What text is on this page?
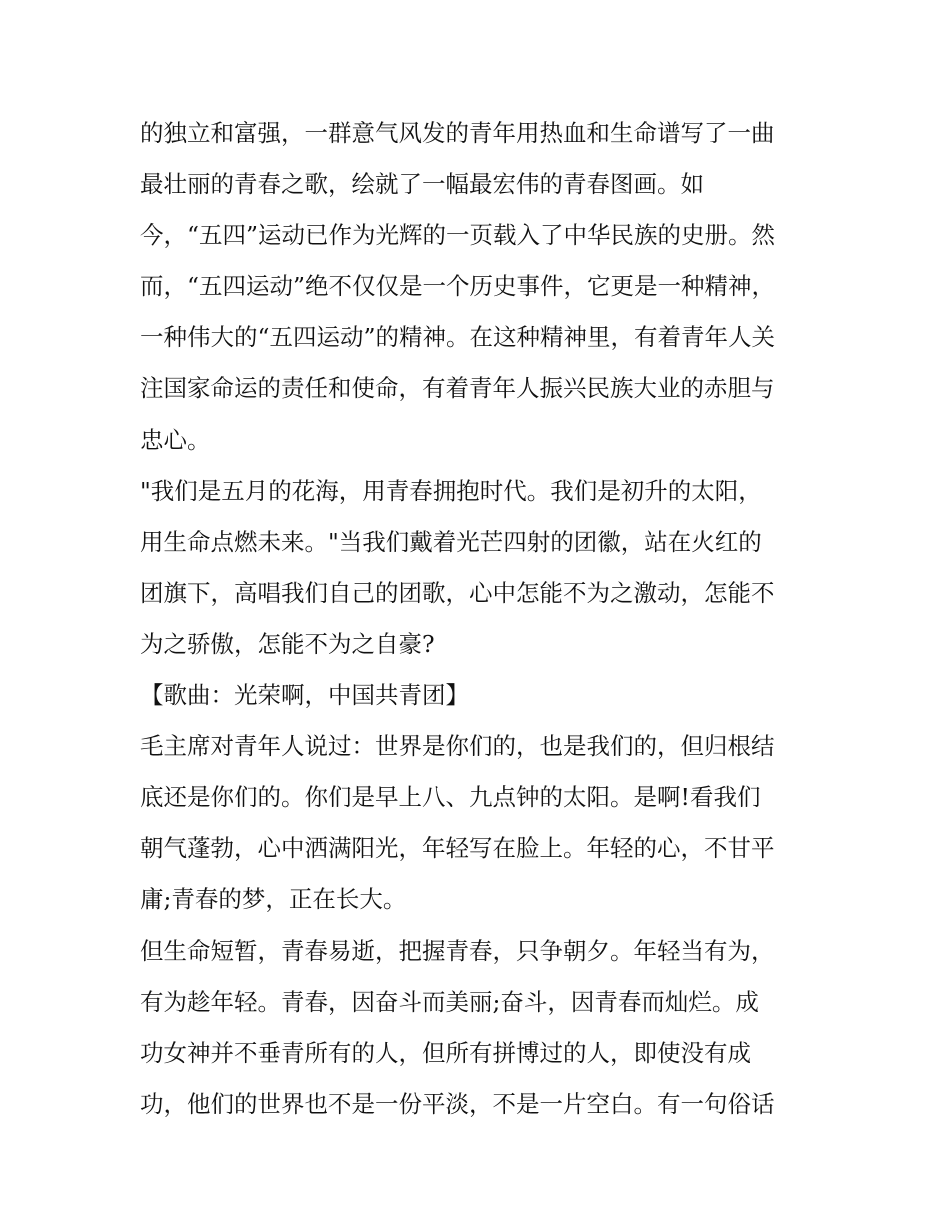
的独立和富强，一群意气风发的青年用热血和生命谱写了一曲
最壮丽的青春之歌，绘就了一幅最宏伟的青春图画。如
今，“五四”运动已作为光辉的一页载入了中华民族的史册。然
而，“五四运动”绝不仅仅是一个历史事件，它更是一种精神，
一种伟大的“五四运动”的精神。在这种精神里，有着青年人关
注国家命运的责任和使命，有着青年人振兴民族大业的赤胆与
忠心。
"我们是五月的花海，用青春拥抱时代。我们是初升的太阳，
用生命点燃未来。"当我们戴着光芒四射的团徽，站在火红的
团旗下，高唱我们自己的团歌，心中怎能不为之激动，怎能不
为之骄傲，怎能不为之自豪?
【歌曲：光荣啊，中国共青团】
毛主席对青年人说过：世界是你们的，也是我们的，但归根结
底还是你们的。你们是早上八、九点钟的太阳。是啊!看我们
朝气蓬勃，心中洒满阳光，年轻写在脸上。年轻的心，不甘平
庸;青春的梦，正在长大。
但生命短暂，青春易逝，把握青春，只争朝夕。年轻当有为，
有为趁年轻。青春，因奋斗而美丽;奋斗，因青春而灿烂。成
功女神并不垂青所有的人，但所有拼博过的人，即使没有成
功，他们的世界也不是一份平淡，不是一片空白。有一句俗话
